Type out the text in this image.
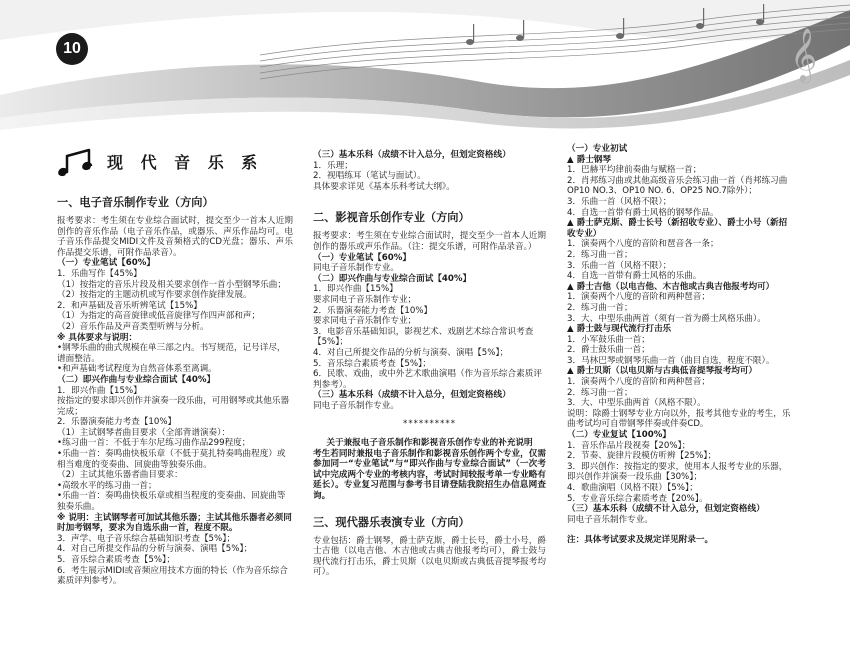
𝄞
10
现 代 音 乐 系
一、电子音乐制作专业（方向）

报考要求：考生须在专业综合面试时，提交至少一首本人近期创作的音乐作品（电子音乐作品，或器乐、声乐作品均可。电子音乐作品提交MIDI文件及音频格式的CD光盘；器乐、声乐作品提交乐谱，可附作品录音）。

（一）专业笔试【60%】

1．乐曲写作【45%】

（1）按指定的音乐片段及相关要求创作一首小型钢琴乐曲；

（2）按指定的主题动机或写作要求创作旋律发展。

2．和声基础及音乐听辨笔试【15%】

（1）为指定的高音旋律或低音旋律写作四声部和声；

（2）音乐作品及声音类型听辨与分析。

※ 具体要求与说明：

•钢琴乐曲的曲式规模在单三部之内。书写规范，记号详尽，谱面整洁。

•和声基础考试程度为自然音体系至离调。

（二）即兴作曲与专业综合面试【40%】

1．即兴作曲【15%】

按指定的要求即兴创作并演奏一段乐曲，可用钢琴或其他乐器完成；

2．乐器演奏能力考查【10%】

（1）主试钢琴者曲目要求（全部背谱演奏）：

•练习曲一首：不低于车尔尼练习曲作品299程度；

•乐曲一首：奏鸣曲快板乐章（不低于莫扎特奏鸣曲程度）或相当难度的变奏曲、回旋曲等独奏乐曲。

（2）主试其他乐器者曲目要求：

•高级水平的练习曲一首；

•乐曲一首：奏鸣曲快板乐章或相当程度的变奏曲、回旋曲等独奏乐曲。

※ 说明：主试钢琴者可加试其他乐器；主试其他乐器者必须同时加考钢琴，要求为自选乐曲一首，程度不限。

3．声学、电子音乐综合基础知识考查【5%】；

4．对自己所提交作品的分析与演奏、演唱【5%】；

5．音乐综合素质考查【5%】；

6．考生展示MIDI或音频应用技术方面的特长（作为音乐综合素质评判参考）。

（三）基本乐科（成绩不计入总分，但划定资格线）

1．乐理；

2．视唱练耳（笔试与面试）。

具体要求详见《基本乐科考试大纲》。

二、影视音乐创作专业（方向）

报考要求：考生须在专业综合面试时，提交至少一首本人近期创作的器乐或声乐作品。（注：提交乐谱，可附作品录音。）

（一）专业笔试【60%】

同电子音乐制作专业。

（二）即兴作曲与专业综合面试【40%】

1．即兴作曲【15%】

要求同电子音乐制作专业；

2．乐器演奏能力考查【10%】

要求同电子音乐制作专业；

3．电影音乐基础知识，影视艺术、戏剧艺术综合常识考查【5%】；

4．对自己所提交作品的分析与演奏、演唱【5%】；

5．音乐综合素质考查【5%】；

6．民歌、戏曲，或中外艺术歌曲演唱（作为音乐综合素质评判参考）。

（三）基本乐科（成绩不计入总分，但划定资格线）

同电子音乐制作专业。

**********

关于兼报电子音乐制作和影视音乐创作专业的补充说明

考生若同时兼报电子音乐制作和影视音乐创作两个专业，仅需参加同一“专业笔试”与“即兴作曲与专业综合面试”（一次考试中完成两个专业的考核内容，考试时间较报考单一专业略有延长）。专业复习范围与参考书目请登陆我院招生办信息网查询。

三、现代器乐表演专业（方向）

专业包括：爵士钢琴，爵士萨克斯，爵士长号，爵士小号，爵士吉他（以电吉他、木吉他或古典吉他报考均可），爵士鼓与现代流行打击乐，爵士贝斯（以电贝斯或古典低音提琴报考均可）。

（一）专业初试

▲ 爵士钢琴

1．巴赫平均律前奏曲与赋格一首；

2．肖邦练习曲或其他高级音乐会练习曲一首（肖邦练习曲 OP10 NO.3、OP10 NO. 6、OP25 NO.7除外）；

3．乐曲一首（风格不限）；

4．自选一首带有爵士风格的钢琴作品。

▲ 爵士萨克斯、爵士长号（新招收专业）、爵士小号（新招收专业）

1．演奏两个八度的音阶和琶音各一条；

2．练习曲一首；

3．乐曲一首（风格不限）；

4．自选一首带有爵士风格的乐曲。

▲ 爵士吉他（以电吉他、木吉他或古典吉他报考均可）

1．演奏两个八度的音阶和两种琶音；

2．练习曲一首；

3．大、中型乐曲两首（须有一首为爵士风格乐曲）。

▲ 爵士鼓与现代流行打击乐

1．小军鼓乐曲一首；

2．爵士鼓乐曲一首；

3．马林巴琴或钢琴乐曲一首（曲目自选，程度不限）。

▲ 爵士贝斯（以电贝斯与古典低音提琴报考均可）

1．演奏两个八度的音阶和两种琶音；

2．练习曲一首；

3．大、中型乐曲两首（风格不限）。

说明：除爵士钢琴专业方向以外，报考其他专业的考生，乐曲考试均可自带钢琴伴奏或伴奏CD。

（二）专业复试【100%】

1．音乐作品片段视奏【20%】；

2．节奏、旋律片段模仿听辨【25%】；

3．即兴创作：按指定的要求，使用本人报考专业的乐器，即兴创作并演奏一段乐曲【30%】；

4．歌曲演唱（风格不限）【5%】；

5．专业音乐综合素质考查【20%】。

（三）基本乐科（成绩不计入总分，但划定资格线）

同电子音乐制作专业。

注：具体考试要求及规定详见附录一。
